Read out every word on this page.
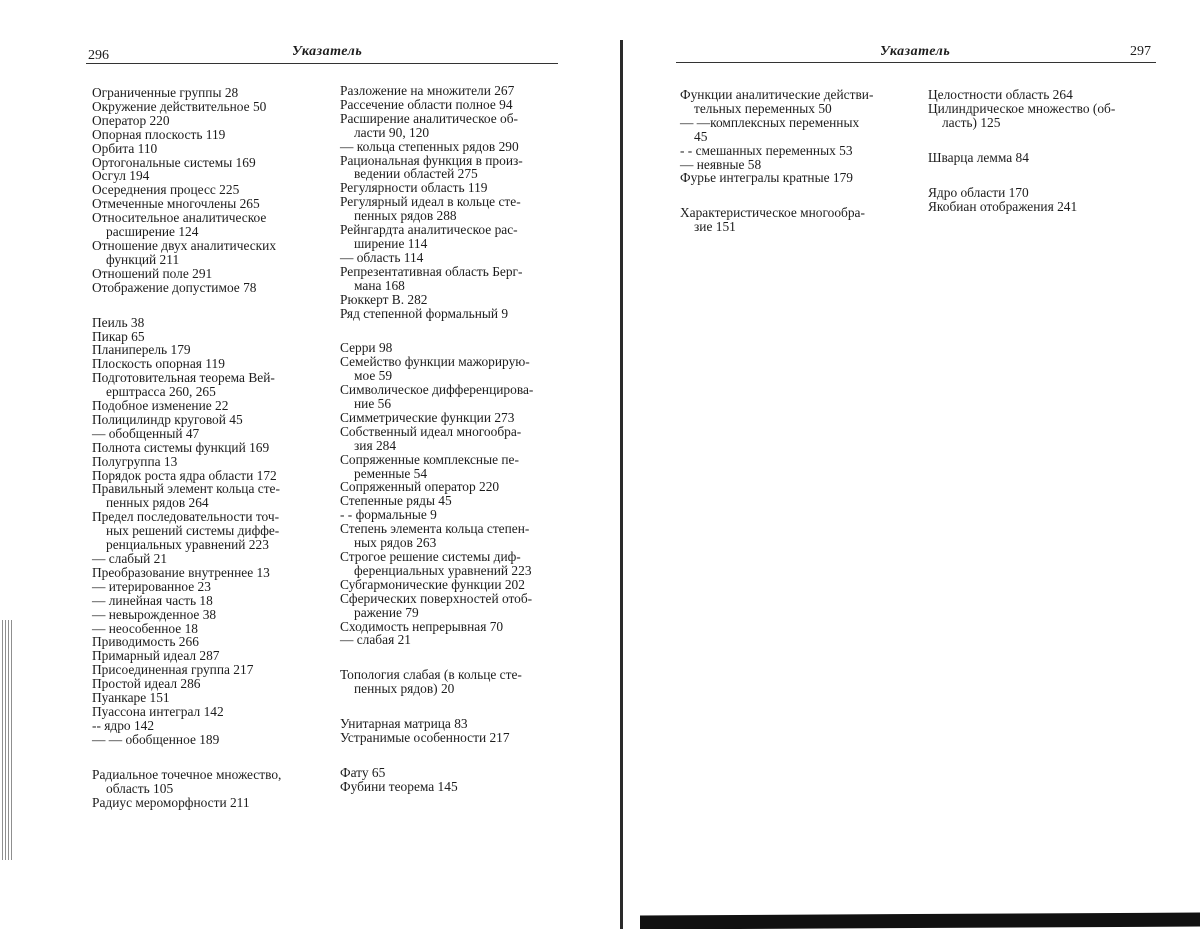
296	Указатель
Ограниченные группы 28
Окружение действительное 50
Оператор 220
Опорная плоскость 119
Орбита 110
Ортогональные системы 169
Осгул 194
Осереднения процесс 225
Отмеченные многочлены 265
Относительное аналитическое
расширение 124
Отношение двух аналитических
функций 211
Отношений поле 291
Отображение допустимое 78
Пеиль 38
Пикар 65
Планиперель 179
Плоскость опорная 119
Подготовительная теорема Вей-
ерштрасса 260, 265
Подобное изменение 22
Полицилиндр круговой 45
— обобщенный 47
Полнота системы функций 169
Полугруппа 13
Порядок роста ядра области 172
Правильный элемент кольца сте-
пенных рядов 264
Предел последовательности точ-
ных решений системы диффе-
ренциальных уравнений 223
— слабый 21
Преобразование внутреннее 13
— итерированное 23
— линейная часть 18
— невырожденное 38
— неособенное 18
Приводимость 266
Примарный идеал 287
Присоединенная группа 217
Простой идеал 286
Пуанкаре 151
Пуассона интеграл 142
-- ядро 142
— — обобщенное 189
Радиальное точечное множество,
область 105
Радиус мероморфности 211
Разложение на множители 267
Рассечение области полное 94
Расширение аналитическое об-
ласти 90, 120
— кольца степенных рядов 290
Рациональная функция в произ-
ведении областей 275
Регулярности область 119
Регулярный идеал в кольце сте-
пенных рядов 288
Рейнгардта аналитическое рас-
ширение 114
— область 114
Репрезентативная область Берг-
мана 168
Рюккерт В. 282
Ряд степенной формальный 9
Сеpри 98
Семейство функции мажорирую-
мое 59
Символическое дифференцирова-
ние 56
Симметрические функции 273
Собственный идеал многообра-
зия 284
Сопряженные комплексные пе-
ременные 54
Сопряженный оператор 220
Степенные ряды 45
- - формальные 9
Степень элемента кольца степен-
ных рядов 263
Строгое решение системы диф-
ференциальных уравнений 223
Субгармонические функции 202
Сферических поверхностей отоб-
ражение 79
Сходимость непрерывная 70
— слабая 21
Топология слабая (в кольце сте-
пенных рядов) 20
Унитарная матрица 83
Устранимые особенности 217
Фату 65
Фубини теорема 145
Указатель	297
Функции аналитические действи-
тельных переменных 50
— —комплексных переменных
45
- - смешанных переменных 53
— неявные 58
Фурье интегралы кратные 179
Характеристическое многообра-
зие 151
Целостности область 264
Цилиндрическое множество (об-
ласть) 125
Шварца лемма 84
Ядро области 170
Якобиан отображения 241
